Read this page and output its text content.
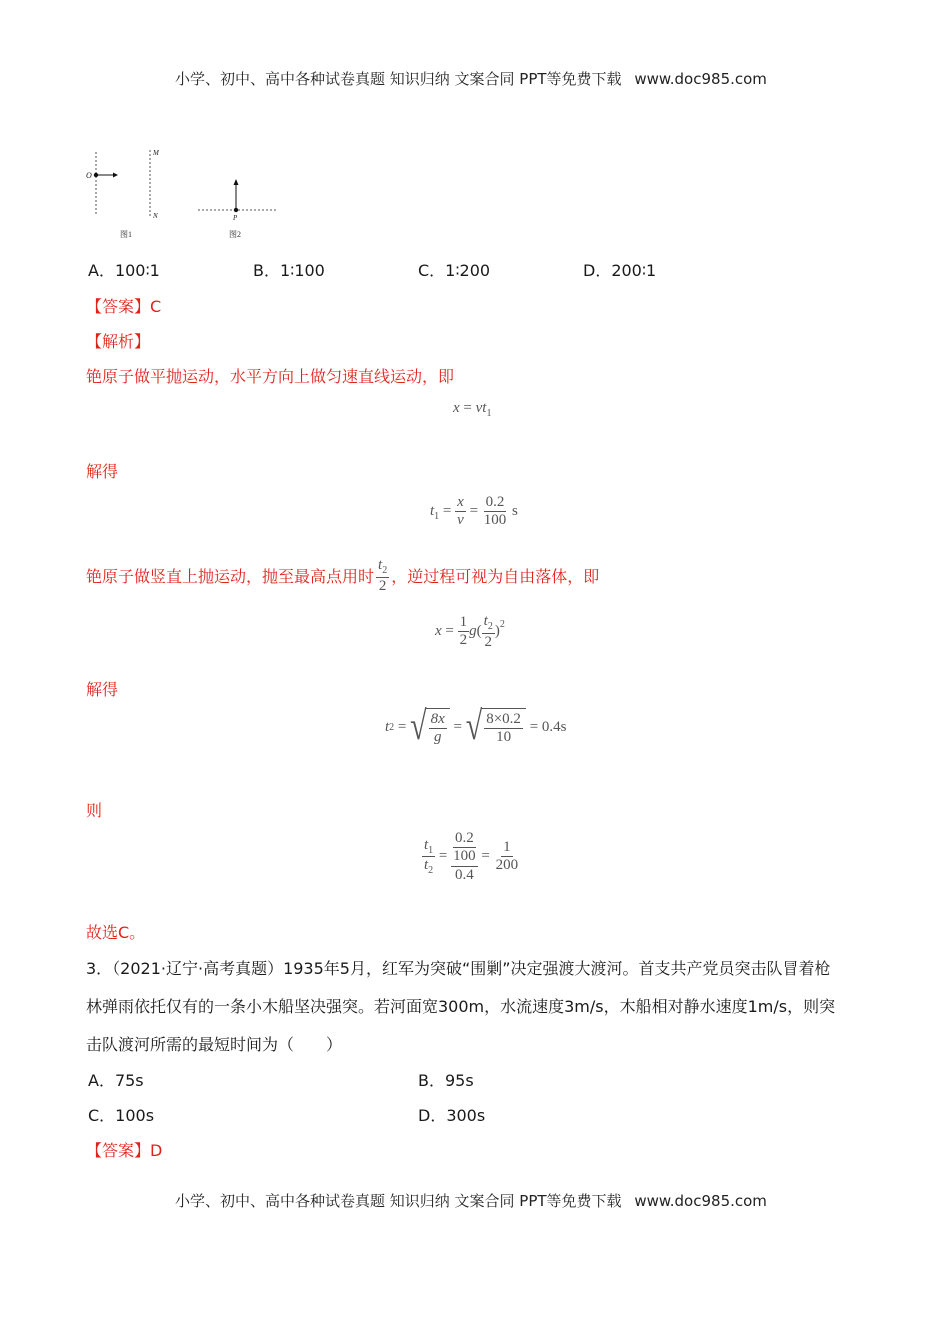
小学、初中、高中各种试卷真题 知识归纳 文案合同 PPT等免费下载 www.doc985.com
O
M
N
图1
P
图2
A．100∶1	B．1∶100	C．1∶200	D．200∶1
【答案】C
【解析】
铯原子做平抛运动，水平方向上做匀速直线运动，即
$x = vt_1$
解得
$t_1 = \frac{x}{v} = \frac{0.2}{100}$ s
铯原子做竖直上抛运动，抛至最高点用时 $\frac{t_2}{2}$ ，逆过程可视为自由落体，即
$x = \frac{1}{2}$ g ( $\frac{t_2}{2} )^2$
解得
t 2 = √ $\frac{8x}{g}$ = √ $\frac{8\times 0.2}{10}$
= 0.4s
则
$\frac{t_1}{t_2} = \frac{0.2}{100}$
0.4
= $\frac{1}{200}$
故选C。
3．（2021·辽宁·高考真题）1935年5月，红军为突破“围剿”决定强渡大渡河。首支共产党员突击队冒着枪
林弹雨依托仅有的一条小木船坚决强突。若河面宽300m，水流速度3m/s，木船相对静水速度1m/s，则突
击队渡河所需的最短时间为（　　）
A．75s	B．95s
C．100s	D．300s
【答案】D
小学、初中、高中各种试卷真题 知识归纳 文案合同 PPT等免费下载 www.doc985.com
